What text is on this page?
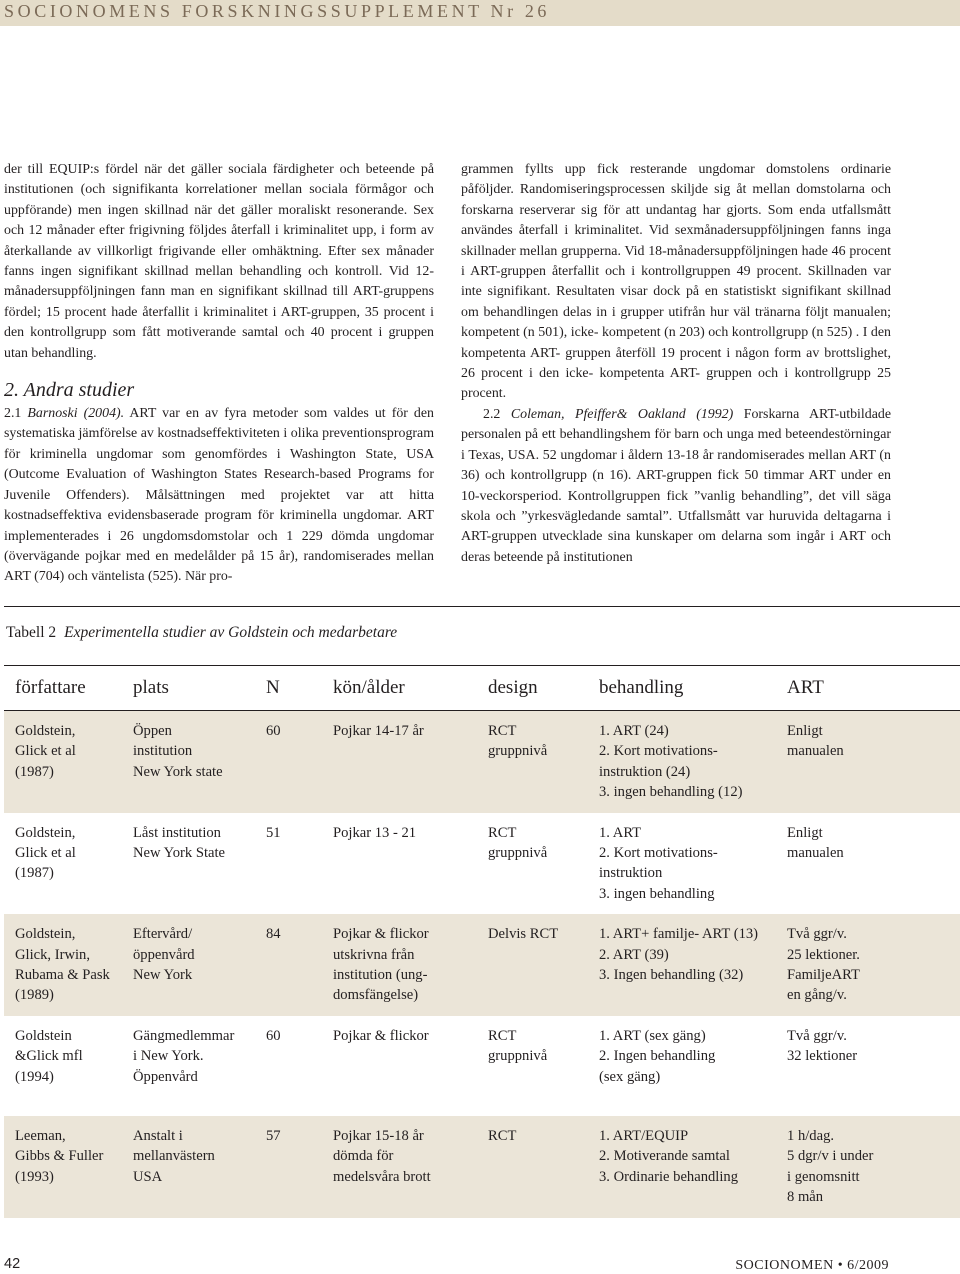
SOCIONOMENS FORSKNINGSSUPPLEMENT Nr 26

der till EQUIP:s fördel när det gäller sociala färdigheter och beteende på institutionen (och signifikanta korrelationer mellan sociala förmågor och uppförande) men ingen skillnad när det gäller moraliskt resonerande. Sex och 12 månader efter frigivning följdes återfall i kriminalitet upp, i form av återkallande av villkorligt frigivande eller omhäktning. Efter sex månader fanns ingen signifikant skillnad mellan behandling och kontroll. Vid 12-månadersuppföljningen fann man en signifikant skillnad till ART-gruppens fördel; 15 procent hade återfallit i kriminalitet i ART-gruppen, 35 procent i den kontrollgrupp som fått motiverande samtal och 40 procent i gruppen utan behandling.

2. Andra studier

2.1 Barnoski (2004). ART var en av fyra metoder som valdes ut för den systematiska jämförelse av kostnadseffektiviteten i olika preventionsprogram för kriminella ungdomar som genomfördes i Washington State, USA (Outcome Evaluation of Washington States Research-based Programs for Juvenile Offenders). Målsättningen med projektet var att hitta kostnadseffektiva evidensbaserade program för kriminella ungdomar. ART implementerades i 26 ungdomsdomstolar och 1 229 dömda ungdomar (övervägande pojkar med en medelålder på 15 år), randomiserades mellan ART (704) och väntelista (525). När pro-

grammen fyllts upp fick resterande ungdomar domstolens ordinarie påföljder. Randomiseringsprocessen skiljde sig åt mellan domstolarna och forskarna reserverar sig för att undantag har gjorts. Som enda utfallsmått användes återfall i kriminalitet. Vid sexmånadersuppföljningen fanns inga skillnader mellan grupperna. Vid 18-månadersuppföljningen hade 46 procent i ART-gruppen återfallit och i kontrollgruppen 49 procent. Skillnaden var inte signifikant. Resultaten visar dock på en statistiskt signifikant skillnad om behandlingen delas in i grupper utifrån hur väl tränarna följt manualen; kompetent (n 501), icke- kompetent (n 203) och kontrollgrupp (n 525) . I den kompetenta ART- gruppen återföll 19 procent i någon form av brottslighet, 26 procent i den icke- kompetenta ART- gruppen och i kontrollgrupp 25 procent.

2.2 Coleman, Pfeiffer& Oakland (1992) Forskarna ART-utbildade personalen på ett behandlingshem för barn och unga med beteendestörningar i Texas, USA. 52 ungdomar i åldern 13-18 år randomiserades mellan ART (n 36) och kontrollgrupp (n 16). ART-gruppen fick 50 timmar ART under en 10-veckorsperiod. Kontrollgruppen fick ”vanlig behandling”, det vill säga skola och ”yrkesvägledande samtal”. Utfallsmått var huruvida deltagarna i ART-gruppen utvecklade sina kunskaper om delarna som ingår i ART och deras beteende på institutionen

Tabell 2 Experimentella studier av Goldstein och medarbetare
författare	plats	N	kön/ålder	design	behandling	ART

Goldstein,
Glick et al
(1987)	Öppen
institution
New York state	60	Pojkar 14-17 år	RCT
gruppnivå	1. ART (24)
2. Kort motivations-
instruktion (24)
3. ingen behandling (12)	Enligt
manualen

Goldstein,
Glick et al
(1987)	Låst institution
New York State	51	Pojkar 13 - 21	RCT
gruppnivå	1. ART
2. Kort motivations-
instruktion
3. ingen behandling	Enligt
manualen

Goldstein,
Glick, Irwin,
Rubama & Pask
(1989)	Eftervård/
öppenvård
New York	84	Pojkar & flickor
utskrivna från
institution (ung-
domsfängelse)	Delvis RCT	1. ART+ familje- ART (13)
2. ART (39)
3. Ingen behandling (32)	Två ggr/v.
25 lektioner.
FamiljeART
en gång/v.

Goldstein
&Glick mfl
(1994)	Gängmedlemmar
i New York.
Öppenvård	60	Pojkar & flickor	RCT
gruppnivå	1. ART (sex gäng)
2. Ingen behandling
(sex gäng)	Två ggr/v.
32 lektioner

Leeman,
Gibbs & Fuller
(1993)	Anstalt i
mellanvästern
USA	57	Pojkar 15-18 år
dömda för
medelsvåra brott	RCT	1. ART/EQUIP
2. Motiverande samtal
3. Ordinarie behandling	1 h/dag.
5 dgr/v i under
i genomsnitt
8 mån

42	SOCIONOMEN • 6/2009
